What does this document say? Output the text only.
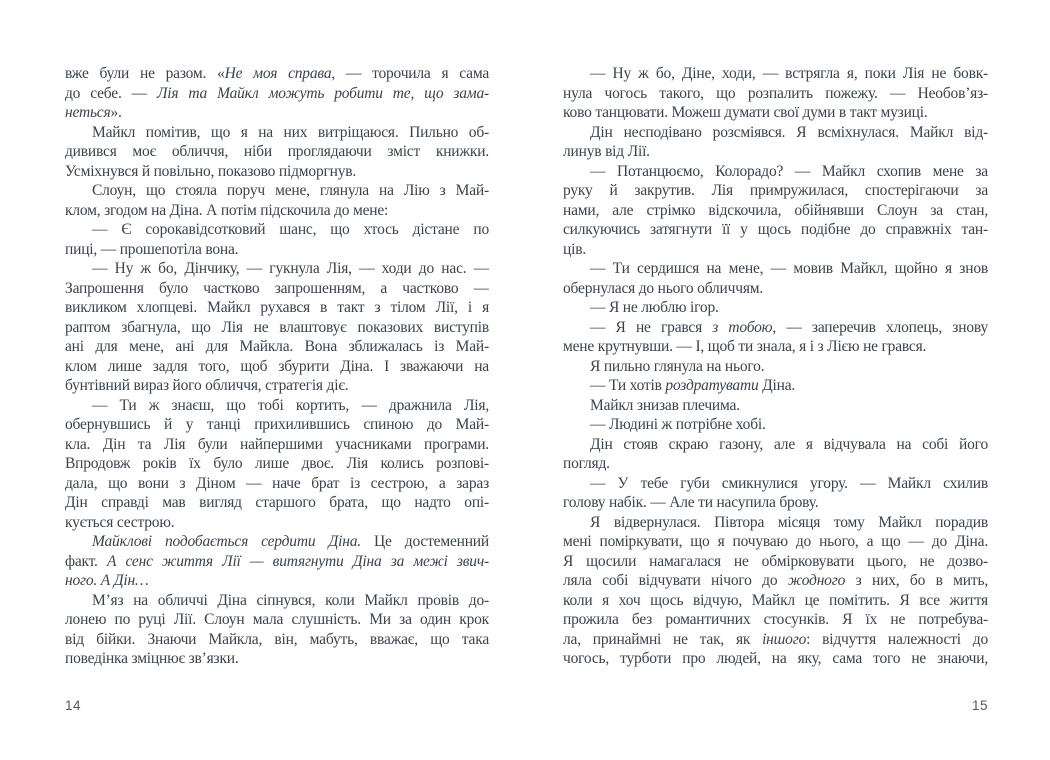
вже були не разом. «Не моя справа, — торочила я сама
до себе. — Лія та Майкл можуть робити те, що зама-
неться».
Майкл помітив, що я на них витріщаюся. Пильно об-
дивився моє обличчя, ніби проглядаючи зміст книжки.
Усміхнувся й повільно, показово підморгнув.
Слоун, що стояла поруч мене, глянула на Лію з Май-
клом, згодом на Діна. А потім підскочила до мене:
— Є сорокавідсотковий шанс, що хтось дістане по
пиці, — прошепотіла вона.
— Ну ж бо, Дінчику, — гукнула Лія, — ходи до нас. —
Запрошення було частково запрошенням, а частково —
викликом хлопцеві. Майкл рухався в такт з тілом Лії, і я
раптом збагнула, що Лія не влаштовує показових виступів
ані для мене, ані для Майкла. Вона зближалась із Май-
клом лише задля того, щоб збурити Діна. І зважаючи на
бунтівний вираз його обличчя, стратегія діє.
— Ти ж знаєш, що тобі кортить, — дражнила Лія,
обернувшись й у танці прихилившись спиною до Май-
кла. Дін та Лія були найпершими учасниками програми.
Впродовж років їх було лише двоє. Лія колись розпові-
дала, що вони з Діном — наче брат із сестрою, а зараз
Дін справді мав вигляд старшого брата, що надто опі-
кується сестрою.
Майклові подобається сердити Діна. Це достеменний
факт. А сенс життя Лії — витягнути Діна за межі звич-
ного. А Дін…
М’яз на обличчі Діна сіпнувся, коли Майкл провів до-
лонею по руці Лії. Слоун мала слушність. Ми за один крок
від бійки. Знаючи Майкла, він, мабуть, вважає, що така
поведінка зміцнює зв’язки.
14
— Ну ж бо, Діне, ходи, — встрягла я, поки Лія не бовк-
нула чогось такого, що розпалить пожежу. — Необов’яз-
ково танцювати. Можеш думати свої думи в такт музиці.
Дін несподівано розсміявся. Я всміхнулася. Майкл від-
линув від Лії.
— Потанцюємо, Колорадо? — Майкл схопив мене за
руку й закрутив. Лія примружилася, спостерігаючи за
нами, але стрімко відскочила, обійнявши Слоун за стан,
силкуючись затягнути її у щось подібне до справжніх тан-
ців.
— Ти сердишся на мене, — мовив Майкл, щойно я знов
обернулася до нього обличчям.
— Я не люблю ігор.
— Я не грався з тобою, — заперечив хлопець, знову
мене крутнувши. — І, щоб ти знала, я і з Лією не грався.
Я пильно глянула на нього.
— Ти хотів роздратувати Діна.
Майкл знизав плечима.
— Людині ж потрібне хобі.
Дін стояв скраю газону, але я відчувала на собі його
погляд.
— У тебе губи смикнулися угору. — Майкл схилив
голову набік. — Але ти насупила брову.
Я відвернулася. Півтора місяця тому Майкл порадив
мені поміркувати, що я почуваю до нього, а що — до Діна.
Я щосили намагалася не обмірковувати цього, не дозво-
ляла собі відчувати нічого до жодного з них, бо в мить,
коли я хоч щось відчую, Майкл це помітить. Я все життя
прожила без романтичних стосунків. Я їх не потребува-
ла, принаймні не так, як іншого: відчуття належності до
чогось, турботи про людей, на яку, сама того не знаючи,
15
